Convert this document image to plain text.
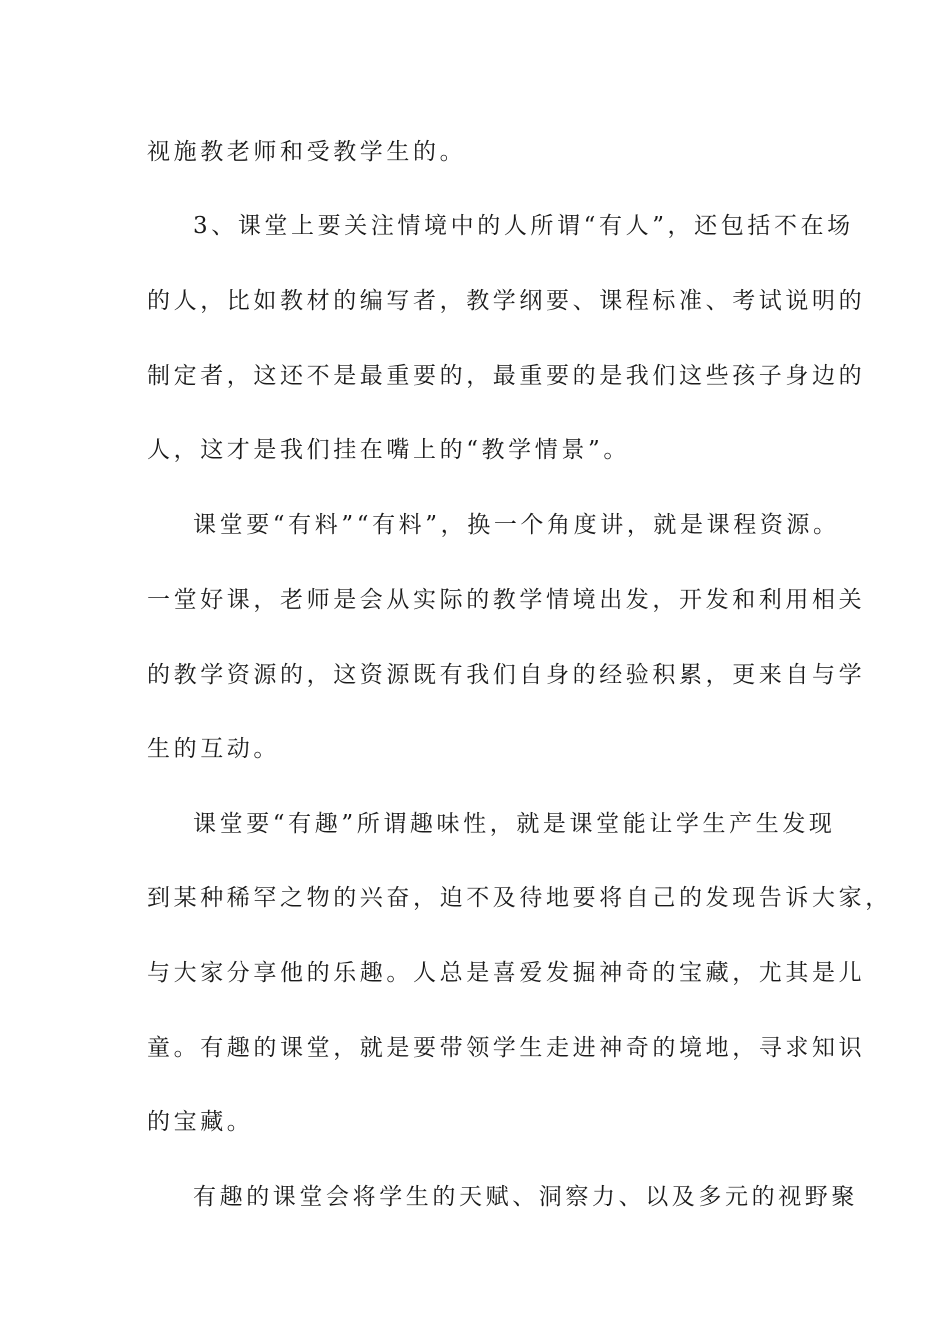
视施教老师和受教学生的。
3、课堂上要关注情境中的人所谓“有人”，还包括不在场
的人，比如教材的编写者，教学纲要、课程标准、考试说明的
制定者，这还不是最重要的，最重要的是我们这些孩子身边的
人，这才是我们挂在嘴上的“教学情景”。
课堂要“有料”“有料”，换一个角度讲，就是课程资源。
一堂好课，老师是会从实际的教学情境出发，开发和利用相关
的教学资源的，这资源既有我们自身的经验积累，更来自与学
生的互动。
课堂要“有趣”所谓趣味性，就是课堂能让学生产生发现
到某种稀罕之物的兴奋，迫不及待地要将自己的发现告诉大家，
与大家分享他的乐趣。人总是喜爱发掘神奇的宝藏，尤其是儿
童。有趣的课堂，就是要带领学生走进神奇的境地，寻求知识
的宝藏。
有趣的课堂会将学生的天赋、洞察力、以及多元的视野聚
